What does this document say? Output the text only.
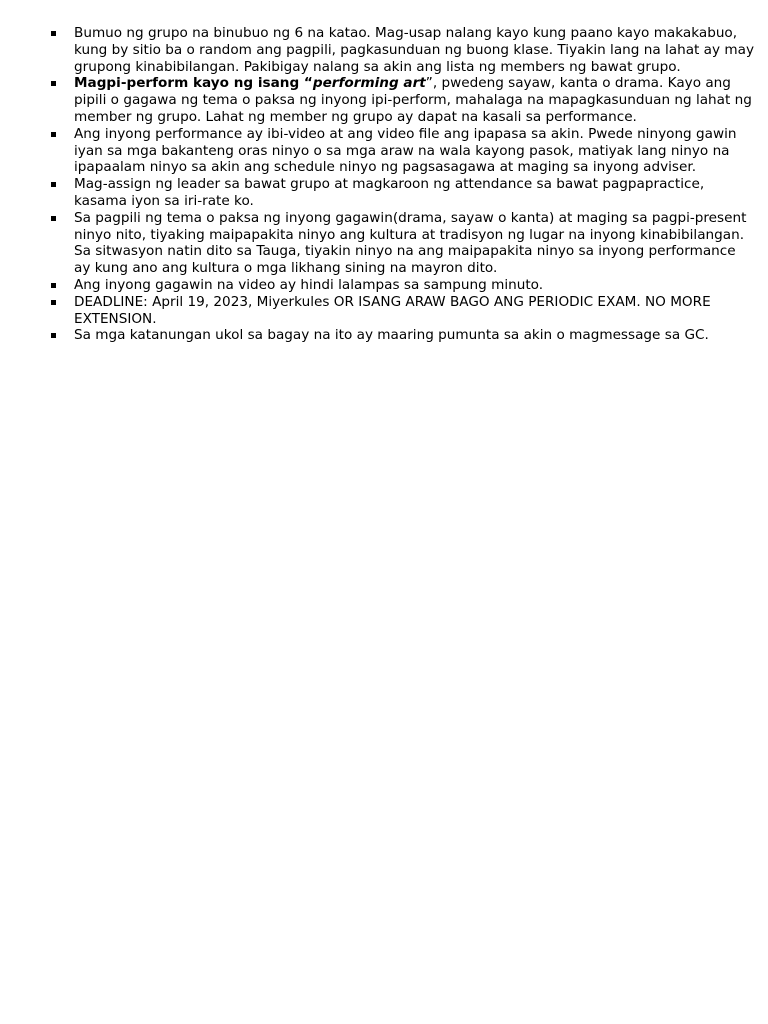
Bumuo ng grupo na binubuo ng 6 na katao. Mag-usap nalang kayo kung paano kayo makakabuo, kung by sitio ba o random ang pagpili, pagkasunduan ng buong klase. Tiyakin lang na lahat ay may grupong kinabibilangan. Pakibigay nalang sa akin ang lista ng members ng bawat grupo.
Magpi-perform kayo ng isang “performing art”, pwedeng sayaw, kanta o drama. Kayo ang pipili o gagawa ng tema o paksa ng inyong ipi-perform, mahalaga na mapagkasunduan ng lahat ng member ng grupo. Lahat ng member ng grupo ay dapat na kasali sa performance.
Ang inyong performance ay ibi-video at ang video file ang ipapasa sa akin. Pwede ninyong gawin iyan sa mga bakanteng oras ninyo o sa mga araw na wala kayong pasok, matiyak lang ninyo na ipapaalam ninyo sa akin ang schedule ninyo ng pagsasagawa at maging sa inyong adviser.
Mag-assign ng leader sa bawat grupo at magkaroon ng attendance sa bawat pagpapractice, kasama iyon sa iri-rate ko.
Sa pagpili ng tema o paksa ng inyong gagawin(drama, sayaw o kanta) at maging sa pagpi-present ninyo nito, tiyaking maipapakita ninyo ang kultura at tradisyon ng lugar na inyong kinabibilangan. Sa sitwasyon natin dito sa Tauga, tiyakin ninyo na ang maipapakita ninyo sa inyong performance ay kung ano ang kultura o mga likhang sining na mayron dito.
Ang inyong gagawin na video ay hindi lalampas sa sampung minuto.
DEADLINE: April 19, 2023, Miyerkules OR ISANG ARAW BAGO ANG PERIODIC EXAM. NO MORE EXTENSION.
Sa mga katanungan ukol sa bagay na ito ay maaring pumunta sa akin o magmessage sa GC.
